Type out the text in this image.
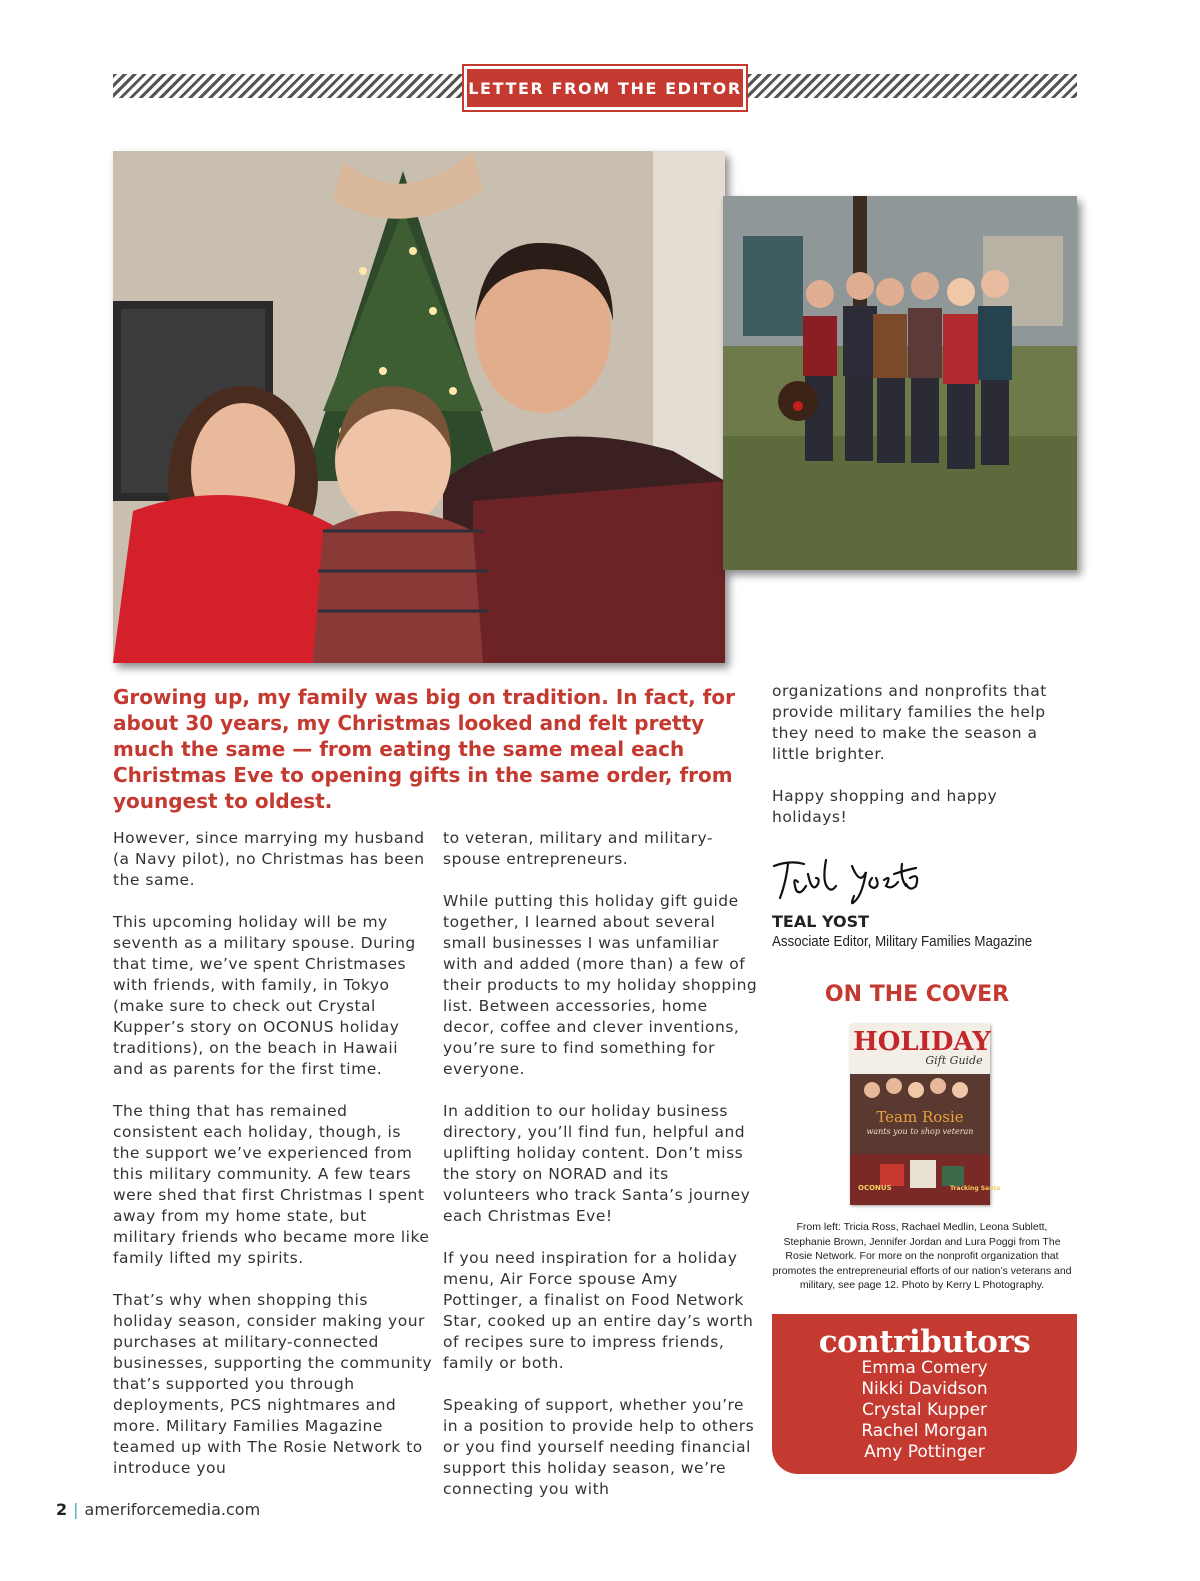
LETTER FROM THE EDITOR
Growing up, my family was big on tradition. In fact, for about 30 years, my Christmas looked and felt pretty much the same — from eating the same meal each Christmas Eve to opening gifts in the same order, from youngest to oldest.

However, since marrying my husband (a Navy pilot), no Christmas has been the same.

This upcoming holiday will be my seventh as a military spouse. During that time, we’ve spent Christmases with friends, with family, in Tokyo (make sure to check out Crystal Kupper’s story on OCONUS holiday traditions), on the beach in Hawaii and as parents for the first time.

The thing that has remained consistent each holiday, though, is the support we’ve experienced from this military community. A few tears were shed that first Christmas I spent away from my home state, but military friends who became more like family lifted my spirits.

That’s why when shopping this holiday season, consider making your purchases at military-connected businesses, supporting the community that’s supported you through deployments, PCS nightmares and more. Military Families Magazine teamed up with The Rosie Network to introduce you

to veteran, military and military-spouse entrepreneurs.

While putting this holiday gift guide together, I learned about several small businesses I was unfamiliar with and added (more than) a few of their products to my holiday shopping list. Between accessories, home decor, coffee and clever inventions, you’re sure to find something for everyone.

In addition to our holiday business directory, you’ll find fun, helpful and uplifting holiday content. Don’t miss the story on NORAD and its volunteers who track Santa’s journey each Christmas Eve!

If you need inspiration for a holiday menu, Air Force spouse Amy Pottinger, a finalist on Food Network Star, cooked up an entire day’s worth of recipes sure to impress friends, family or both.

Speaking of support, whether you’re in a position to provide help to others or you find yourself needing financial support this holiday season, we’re connecting you with

organizations and nonprofits that provide military families the help they need to make the season a little brighter.

Happy shopping and happy holidays!

TEAL YOST
Associate Editor, Military Families Magazine
ON THE COVER
HOLIDAY
Gift Guide
Team Rosie
wants you to shop veteran
OCONUS	Tracking Santa
From left: Tricia Ross, Rachael Medlin, Leona Sublett, Stephanie Brown, Jennifer Jordan and Lura Poggi from The Rosie Network. For more on the nonprofit organization that promotes the entrepreneurial efforts of our nation’s veterans and military, see page 12. Photo by Kerry L Photography.
contributors
Emma Comery
Nikki Davidson
Crystal Kupper
Rachel Morgan
Amy Pottinger
2 | ameriforcemedia.com
